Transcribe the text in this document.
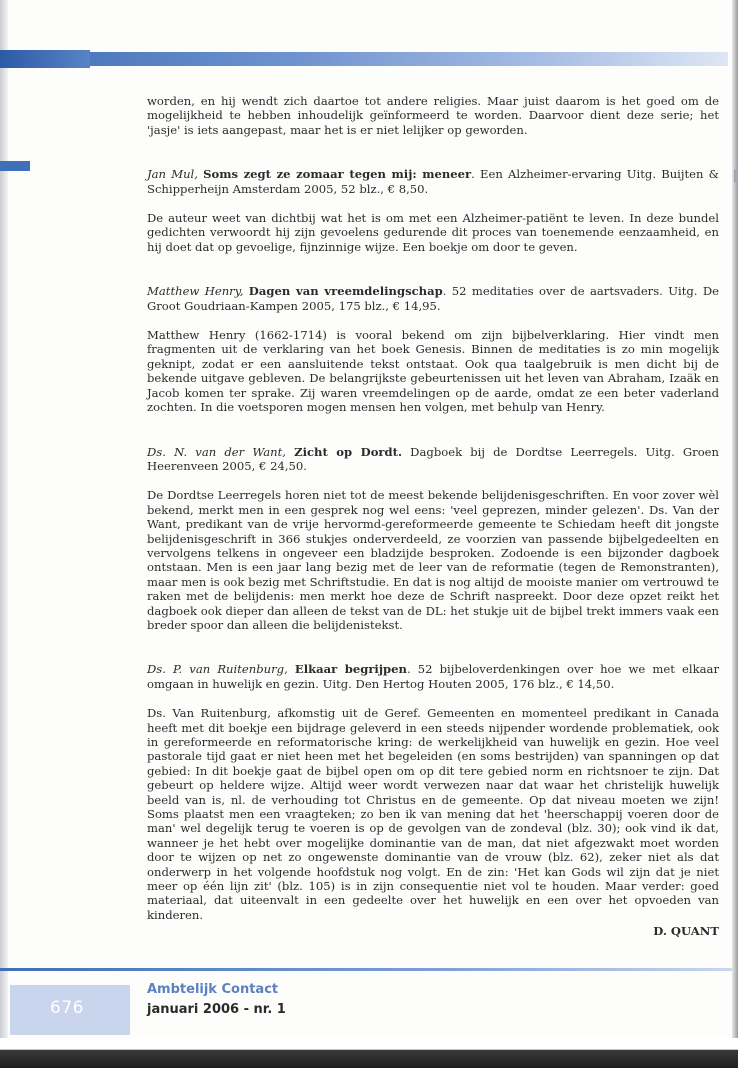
worden, en hij wendt zich daartoe tot andere religies. Maar juist daarom is het goed om de mogelijkheid te hebben inhoudelijk geïnformeerd te worden. Daarvoor dient deze serie; het 'jasje' is iets aangepast, maar het is er niet lelijker op geworden.

Jan Mul, Soms zegt ze zomaar tegen mij: meneer. Een Alzheimer-ervaring Uitg. Buijten & Schipperheijn Amsterdam 2005, 52 blz., € 8,50.

De auteur weet van dichtbij wat het is om met een Alzheimer-patiënt te leven. In deze bundel gedichten verwoordt hij zijn gevoelens gedurende dit proces van toenemende eenzaamheid, en hij doet dat op gevoelige, fijnzinnige wijze. Een boekje om door te geven.

Matthew Henry, Dagen van vreemdelingschap. 52 meditaties over de aartsvaders. Uitg. De Groot Goudriaan-Kampen 2005, 175 blz., € 14,95.

Matthew Henry (1662-1714) is vooral bekend om zijn bijbelverklaring. Hier vindt men fragmenten uit de verklaring van het boek Genesis. Binnen de meditaties is zo min mogelijk geknipt, zodat er een aansluitende tekst ontstaat. Ook qua taalgebruik is men dicht bij de bekende uitgave gebleven. De belangrijkste gebeurtenissen uit het leven van Abraham, Izaäk en Jacob komen ter sprake. Zij waren vreemdelingen op de aarde, omdat ze een beter vaderland zochten. In die voetsporen mogen mensen hen volgen, met behulp van Henry.

Ds. N. van der Want, Zicht op Dordt. Dagboek bij de Dordtse Leerregels. Uitg. Groen Heerenveen 2005, € 24,50.

De Dordtse Leerregels horen niet tot de meest bekende belijdenisgeschriften. En voor zover wèl bekend, merkt men in een gesprek nog wel eens: 'veel geprezen, minder gelezen'. Ds. Van der Want, predikant van de vrije hervormd-gereformeerde gemeente te Schiedam heeft dit jongste belijdenisgeschrift in 366 stukjes onderverdeeld, ze voorzien van passende bijbelgedeelten en vervolgens telkens in ongeveer een bladzijde besproken. Zodoende is een bijzonder dagboek ontstaan. Men is een jaar lang bezig met de leer van de reformatie (tegen de Remonstranten), maar men is ook bezig met Schriftstudie. En dat is nog altijd de mooiste manier om vertrouwd te raken met de belijdenis: men merkt hoe deze de Schrift naspreekt. Door deze opzet reikt het dagboek ook dieper dan alleen de tekst van de DL: het stukje uit de bijbel trekt immers vaak een breder spoor dan alleen die belijdenistekst.

Ds. P. van Ruitenburg, Elkaar begrijpen. 52 bijbeloverdenkingen over hoe we met elkaar omgaan in huwelijk en gezin. Uitg. Den Hertog Houten 2005, 176 blz., € 14,50.

Ds. Van Ruitenburg, afkomstig uit de Geref. Gemeenten en momenteel predikant in Canada heeft met dit boekje een bijdrage geleverd in een steeds nijpender wordende problematiek, ook in gereformeerde en reformatorische kring: de werkelijkheid van huwelijk en gezin. Hoe veel pastorale tijd gaat er niet heen met het begeleiden (en soms bestrijden) van spanningen op dat gebied: In dit boekje gaat de bijbel open om op dit tere gebied norm en richtsnoer te zijn. Dat gebeurt op heldere wijze. Altijd weer wordt verwezen naar dat waar het christelijk huwelijk beeld van is, nl. de verhouding tot Christus en de gemeente. Op dat niveau moeten we zijn! Soms plaatst men een vraagteken; zo ben ik van mening dat het 'heerschappij voeren door de man' wel degelijk terug te voeren is op de gevolgen van de zondeval (blz. 30); ook vind ik dat, wanneer je het hebt over mogelijke dominantie van de man, dat niet afgezwakt moet worden door te wijzen op net zo ongewenste dominantie van de vrouw (blz. 62), zeker niet als dat onderwerp in het volgende hoofdstuk nog volgt. En de zin: 'Het kan Gods wil zijn dat je niet meer op één lijn zit' (blz. 105) is in zijn consequentie niet vol te houden. Maar verder: goed materiaal, dat uiteenvalt in een gedeelte over het huwelijk en een over het opvoeden van kinderen.

D. QUANT

676
Ambtelijk Contact
januari 2006 - nr. 1
